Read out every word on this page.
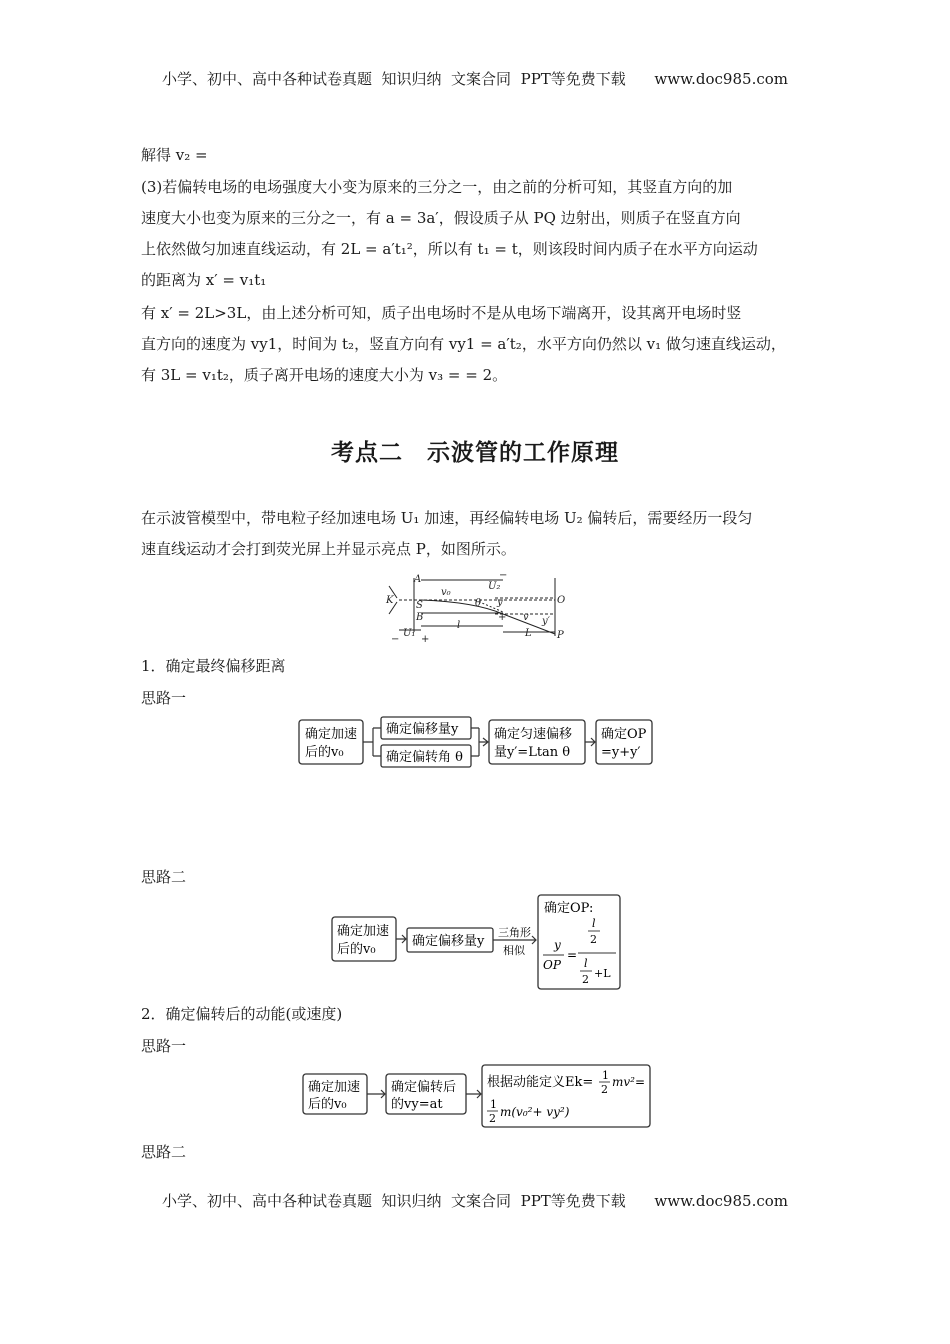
小学、初中、高中各种试卷真题  知识归纳  文案合同  PPT等免费下载      www.doc985.com
解得 v₂ =
(3)若偏转电场的电场强度大小变为原来的三分之一，由之前的分析可知，其竖直方向的加
速度大小也变为原来的三分之一，有 a = 3a′，假设质子从 PQ 边射出，则质子在竖直方向
上依然做匀加速直线运动，有 2L = a′t₁²，所以有 t₁ = t，则该段时间内质子在水平方向运动
的距离为 x′ = v₁t₁
有 x′ = 2L>3L，由上述分析可知，质子出电场时不是从电场下端离开，设其离开电场时竖
直方向的速度为 vy1，时间为 t₂，竖直方向有 vy1 = a′t₂，水平方向仍然以 v₁ 做匀速直线运动，
有 3L = v₁t₂，质子离开电场的速度大小为 v₃ = = 2。
考点二　示波管的工作原理
在示波管模型中，带电粒子经加速电场 U₁ 加速，再经偏转电场 U₂ 偏转后，需要经历一段匀
速直线运动才会打到荧光屏上并显示亮点 P，如图所示。
K
A
S
B
v₀
U₂
θ y
v y′
O
P
U₁
l
L
− +
−
+
1．确定最终偏移距离
思路一
确定加速
后的v₀
确定偏移量y
确定偏转角 θ
确定匀速偏移
量y′=Ltan θ
确定OP
=y+y′
思路二
确定加速
后的v₀
确定偏移量y
三角形
相似
确定OP:
y
OP
=
l
2
l
2 +L
2．确定偏转后的动能(或速度)
思路一
确定加速
后的v₀
确定偏转后
的vy=at
根据动能定义Ek= 1
2
mv²=
1
2 m(v₀²+ vy²)
思路二
小学、初中、高中各种试卷真题  知识归纳  文案合同  PPT等免费下载      www.doc985.com
